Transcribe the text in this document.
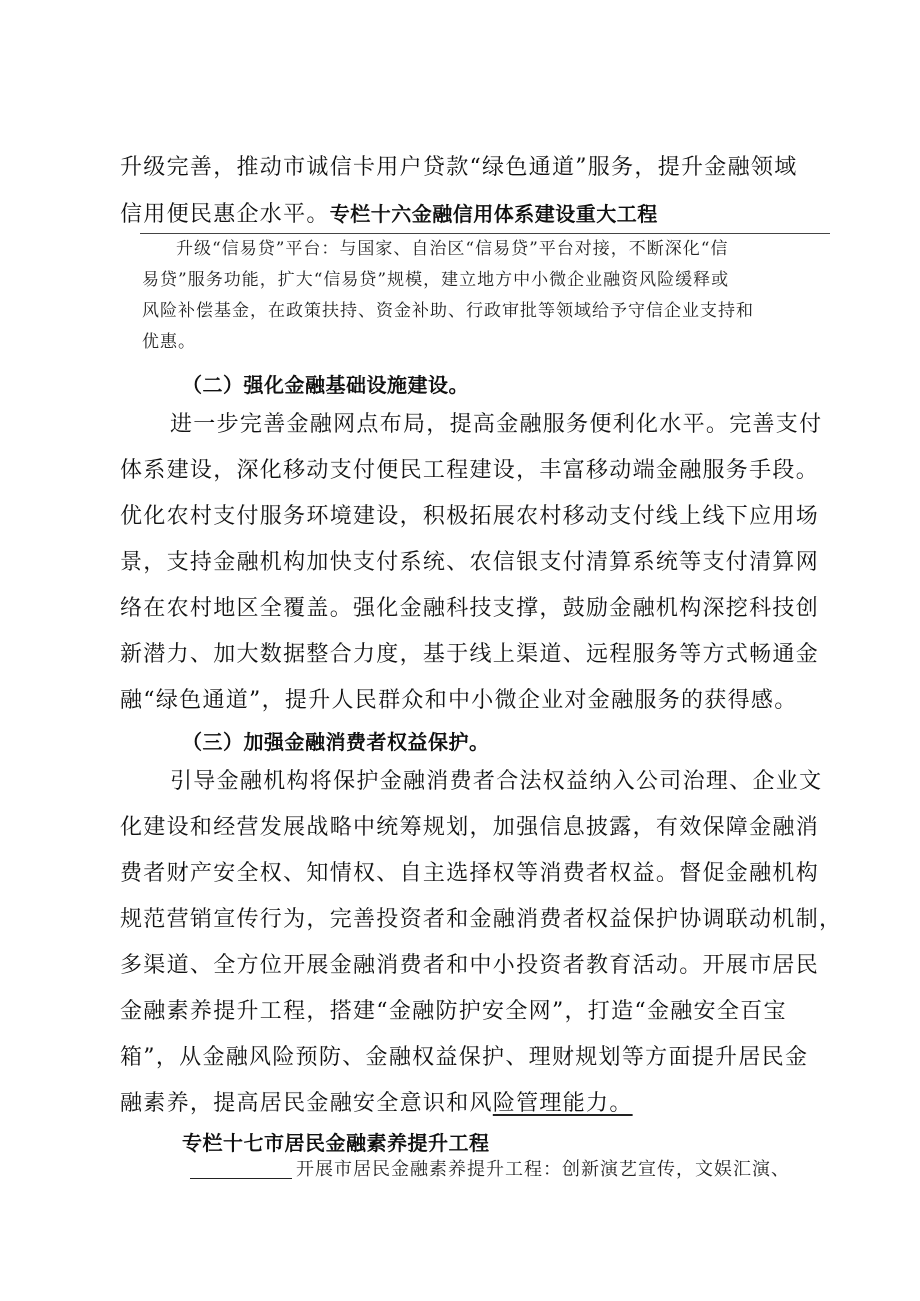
升级完善，推动市诚信卡用户贷款“绿色通道”服务，提升金融领域
信用便民惠企水平。专栏十六金融信用体系建设重大工程
升级“信易贷”平台：与国家、自治区“信易贷”平台对接，不断深化“信
易贷”服务功能，扩大“信易贷”规模，建立地方中小微企业融资风险缓释或
风险补偿基金，在政策扶持、资金补助、行政审批等领域给予守信企业支持和
优惠。
（二）强化金融基础设施建设。
进一步完善金融网点布局，提高金融服务便利化水平。完善支付
体系建设，深化移动支付便民工程建设，丰富移动端金融服务手段。
优化农村支付服务环境建设，积极拓展农村移动支付线上线下应用场
景，支持金融机构加快支付系统、农信银支付清算系统等支付清算网
络在农村地区全覆盖。强化金融科技支撑，鼓励金融机构深挖科技创
新潜力、加大数据整合力度，基于线上渠道、远程服务等方式畅通金
融“绿色通道”，提升人民群众和中小微企业对金融服务的获得感。
（三）加强金融消费者权益保护。
引导金融机构将保护金融消费者合法权益纳入公司治理、企业文
化建设和经营发展战略中统筹规划，加强信息披露，有效保障金融消
费者财产安全权、知情权、自主选择权等消费者权益。督促金融机构
规范营销宣传行为，完善投资者和金融消费者权益保护协调联动机制，
多渠道、全方位开展金融消费者和中小投资者教育活动。开展市居民
金融素养提升工程，搭建“金融防护安全网”，打造“金融安全百宝
箱”，从金融风险预防、金融权益保护、理财规划等方面提升居民金
融素养，提高居民金融安全意识和风险管理能力。
专栏十七市居民金融素养提升工程
开展市居民金融素养提升工程：创新演艺宣传，文娱汇演、
